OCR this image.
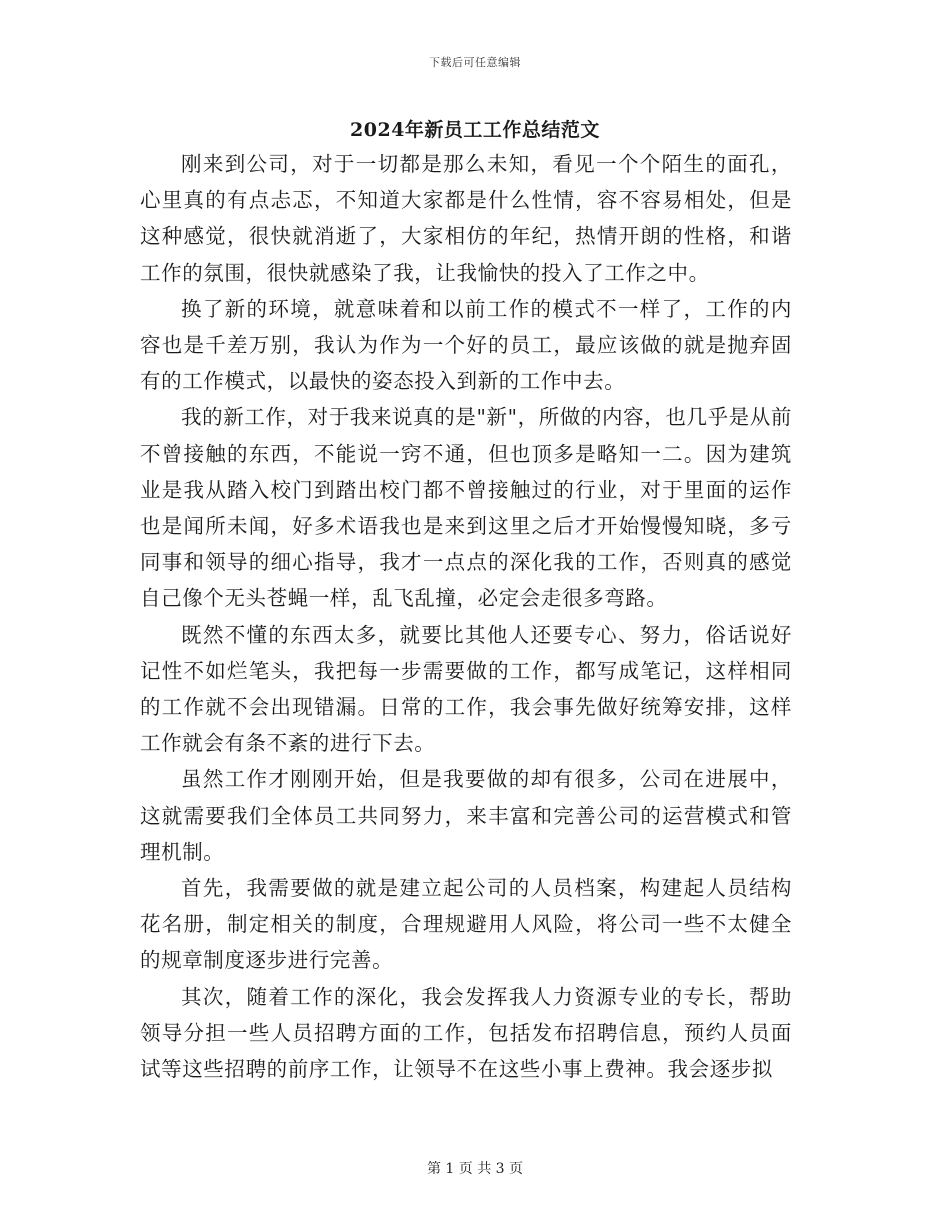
下载后可任意编辑
2024年新员工工作总结范文

刚来到公司，对于一切都是那么未知，看见一个个陌生的面孔，心里真的有点忐忑，不知道大家都是什么性情，容不容易相处，但是这种感觉，很快就消逝了，大家相仿的年纪，热情开朗的性格，和谐工作的氛围，很快就感染了我，让我愉快的投入了工作之中。

换了新的环境，就意味着和以前工作的模式不一样了，工作的内容也是千差万别，我认为作为一个好的员工，最应该做的就是抛弃固有的工作模式，以最快的姿态投入到新的工作中去。

我的新工作，对于我来说真的是"新"，所做的内容，也几乎是从前不曾接触的东西，不能说一窍不通，但也顶多是略知一二。因为建筑业是我从踏入校门到踏出校门都不曾接触过的行业，对于里面的运作也是闻所未闻，好多术语我也是来到这里之后才开始慢慢知晓，多亏同事和领导的细心指导，我才一点点的深化我的工作，否则真的感觉自己像个无头苍蝇一样，乱飞乱撞，必定会走很多弯路。

既然不懂的东西太多，就要比其他人还要专心、努力，俗话说好记性不如烂笔头，我把每一步需要做的工作，都写成笔记，这样相同的工作就不会出现错漏。日常的工作，我会事先做好统筹安排，这样工作就会有条不紊的进行下去。

虽然工作才刚刚开始，但是我要做的却有很多，公司在进展中，这就需要我们全体员工共同努力，来丰富和完善公司的运营模式和管理机制。

首先，我需要做的就是建立起公司的人员档案，构建起人员结构花名册，制定相关的制度，合理规避用人风险，将公司一些不太健全的规章制度逐步进行完善。

其次，随着工作的深化，我会发挥我人力资源专业的专长，帮助领导分担一些人员招聘方面的工作，包括发布招聘信息，预约人员面试等这些招聘的前序工作，让领导不在这些小事上费神。我会逐步拟

第 1 页 共 3 页
